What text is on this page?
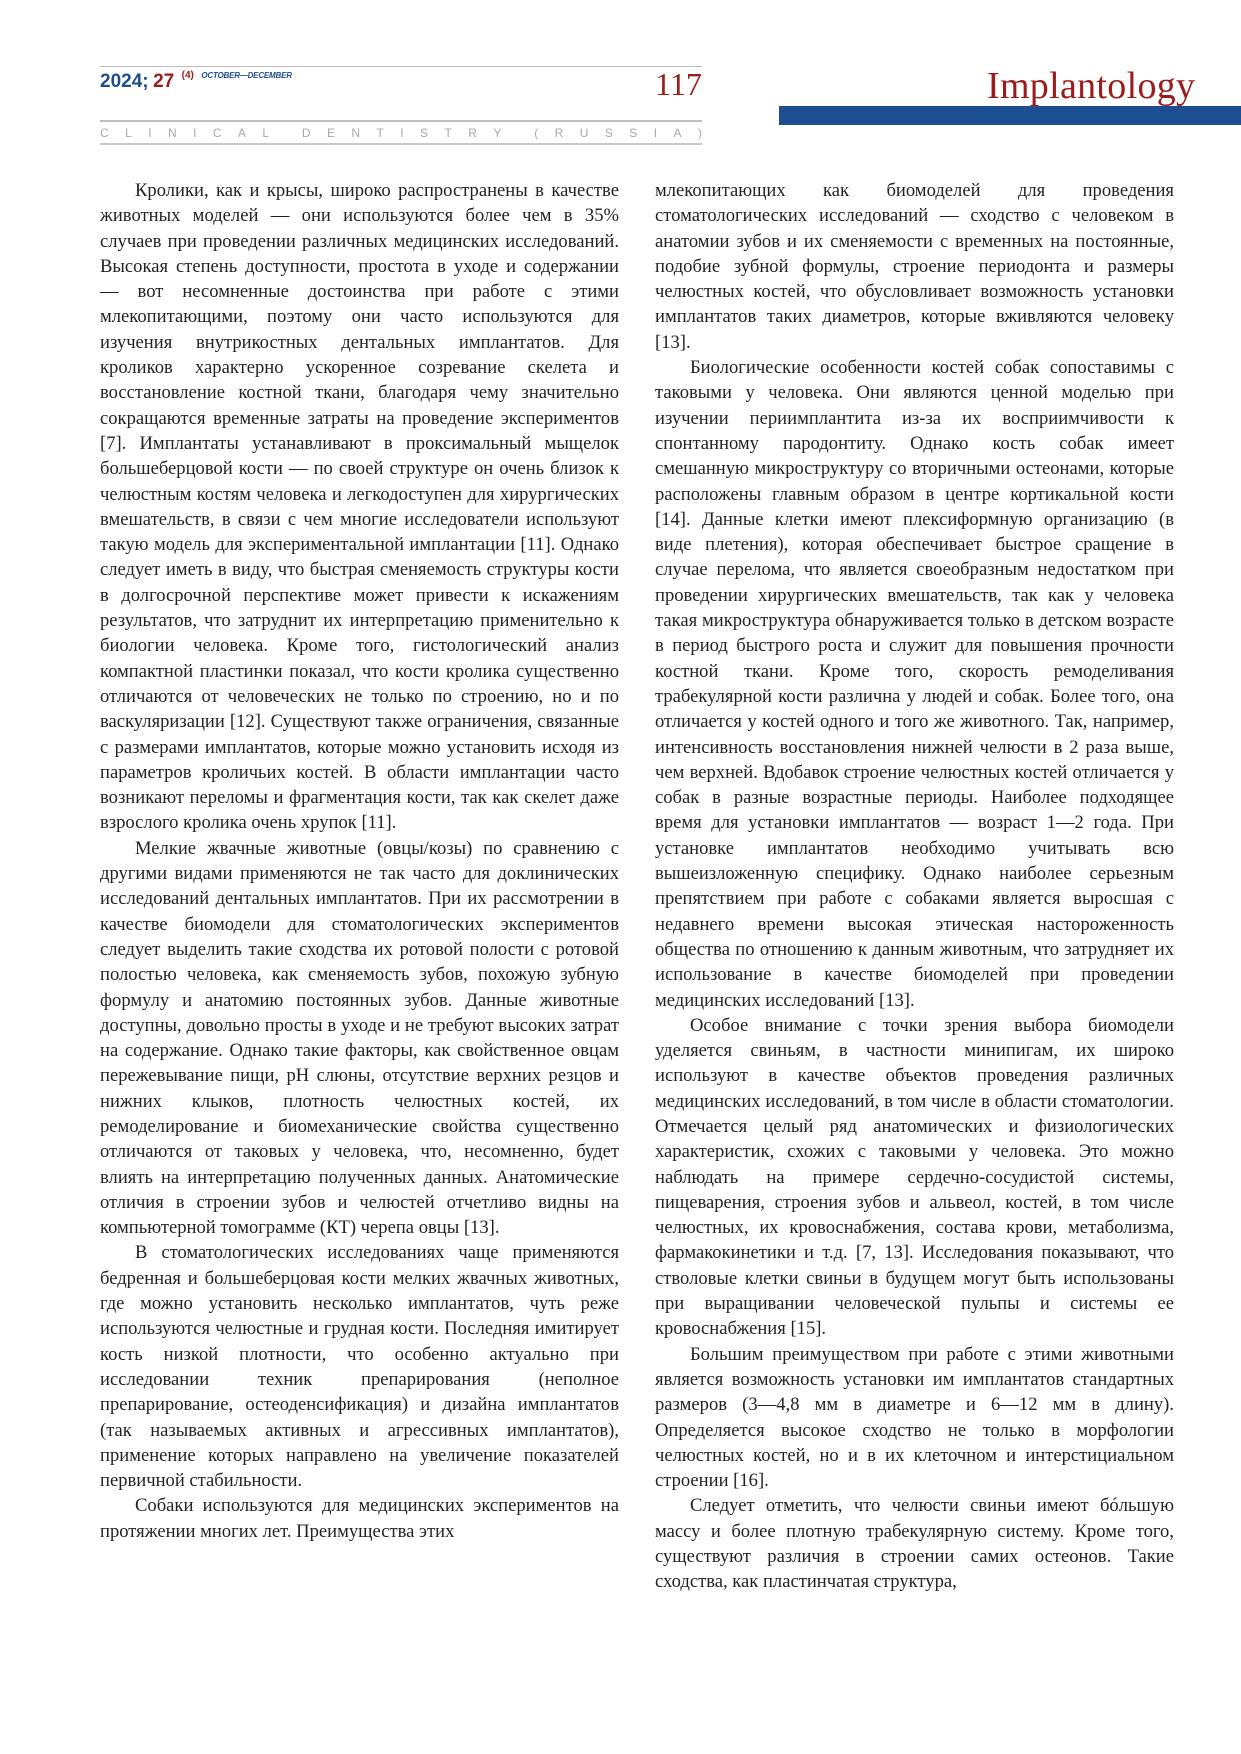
2024; 27 $^{(4)}$ $^{OCTOBER—DECEMBER}$	117
C L I N I C A L	D E N T I S T R Y	( R U S S I A )
Implantology

Кролики, как и крысы, широко распространены в качестве животных моделей — они используются более чем в 35% случаев при проведении различных медицинских исследований. Высокая степень доступности, простота в уходе и содержании — вот несомненные достоинства при работе с этими млекопитающими, поэтому они часто используются для изучения внутрикостных дентальных имплантатов. Для кроликов характерно ускоренное созревание скелета и восстановление костной ткани, благодаря чему значительно сокращаются временные затраты на проведение экспериментов [7]. Имплантаты устанавливают в проксимальный мыщелок большеберцовой кости — по своей структуре он очень близок к челюстным костям человека и легкодоступен для хирургических вмешательств, в связи с чем многие исследователи используют такую модель для экспериментальной имплантации [11]. Однако следует иметь в виду, что быстрая сменяемость структуры кости в долгосрочной перспективе может привести к искажениям результатов, что затруднит их интерпретацию применительно к биологии человека. Кроме того, гистологический анализ компактной пластинки показал, что кости кролика существенно отличаются от человеческих не только по строению, но и по васкуляризации [12]. Существуют также ограничения, связанные с размерами имплантатов, которые можно установить исходя из параметров кроличьих костей. В области имплантации часто возникают переломы и фрагментация кости, так как скелет даже взрослого кролика очень хрупок [11].

Мелкие жвачные животные (овцы/козы) по сравнению с другими видами применяются не так часто для доклинических исследований дентальных имплантатов. При их рассмотрении в качестве биомодели для стоматологических экспериментов следует выделить такие сходства их ротовой полости с ротовой полостью человека, как сменяемость зубов, похожую зубную формулу и анатомию постоянных зубов. Данные животные доступны, довольно просты в уходе и не требуют высоких затрат на содержание. Однако такие факторы, как свойственное овцам пережевывание пищи, pH слюны, отсутствие верхних резцов и нижних клыков, плотность челюстных костей, их ремоделирование и биомеханические свойства существенно отличаются от таковых у человека, что, несомненно, будет влиять на интерпретацию полученных данных. Анатомические отличия в строении зубов и челюстей отчетливо видны на компьютерной томограмме (КТ) черепа овцы [13].

В стоматологических исследованиях чаще применяются бедренная и большеберцовая кости мелких жвачных животных, где можно установить несколько имплантатов, чуть реже используются челюстные и грудная кости. Последняя имитирует кость низкой плотности, что особенно актуально при исследовании техник препарирования (неполное препарирование, остеоденсификация) и дизайна имплантатов (так называемых активных и агрессивных имплантатов), применение которых направлено на увеличение показателей первичной стабильности.

Собаки используются для медицинских экспериментов на протяжении многих лет. Преимущества этих

млекопитающих как биомоделей для проведения стоматологических исследований — сходство с человеком в анатомии зубов и их сменяемости с временных на постоянные, подобие зубной формулы, строение периодонта и размеры челюстных костей, что обусловливает возможность установки имплантатов таких диаметров, которые вживляются человеку [13].

Биологические особенности костей собак сопоставимы с таковыми у человека. Они являются ценной моделью при изучении периимплантита из-за их восприимчивости к спонтанному пародонтиту. Однако кость собак имеет смешанную микроструктуру со вторичными остеонами, которые расположены главным образом в центре кортикальной кости [14]. Данные клетки имеют плексиформную организацию (в виде плетения), которая обеспечивает быстрое сращение в случае перелома, что является своеобразным недостатком при проведении хирургических вмешательств, так как у человека такая микроструктура обнаруживается только в детском возрасте в период быстрого роста и служит для повышения прочности костной ткани. Кроме того, скорость ремоделивания трабекулярной кости различна у людей и собак. Более того, она отличается у костей одного и того же животного. Так, например, интенсивность восстановления нижней челюсти в 2 раза выше, чем верхней. Вдобавок строение челюстных костей отличается у собак в разные возрастные периоды. Наиболее подходящее время для установки имплантатов — возраст 1—2 года. При установке имплантатов необходимо учитывать всю вышеизложенную специфику. Однако наиболее серьезным препятствием при работе с собаками является выросшая с недавнего времени высокая этическая настороженность общества по отношению к данным животным, что затрудняет их использование в качестве биомоделей при проведении медицинских исследований [13].

Особое внимание с точки зрения выбора биомодели уделяется свиньям, в частности минипигам, их широко используют в качестве объектов проведения различных медицинских исследований, в том числе в области стоматологии. Отмечается целый ряд анатомических и физиологических характеристик, схожих с таковыми у человека. Это можно наблюдать на примере сердечно-сосудистой системы, пищеварения, строения зубов и альвеол, костей, в том числе челюстных, их кровоснабжения, состава крови, метаболизма, фармакокинетики и т.д. [7, 13]. Исследования показывают, что стволовые клетки свиньи в будущем могут быть использованы при выращивании человеческой пульпы и системы ее кровоснабжения [15].

Большим преимуществом при работе с этими животными является возможность установки им имплантатов стандартных размеров (3—4,8 мм в диаметре и 6—12 мм в длину). Определяется высокое сходство не только в морфологии челюстных костей, но и в их клеточном и интерстициальном строении [16].

Следует отметить, что челюсти свиньи имеют бóльшую массу и более плотную трабекулярную систему. Кроме того, существуют различия в строении самих остеонов. Такие сходства, как пластинчатая структура,
